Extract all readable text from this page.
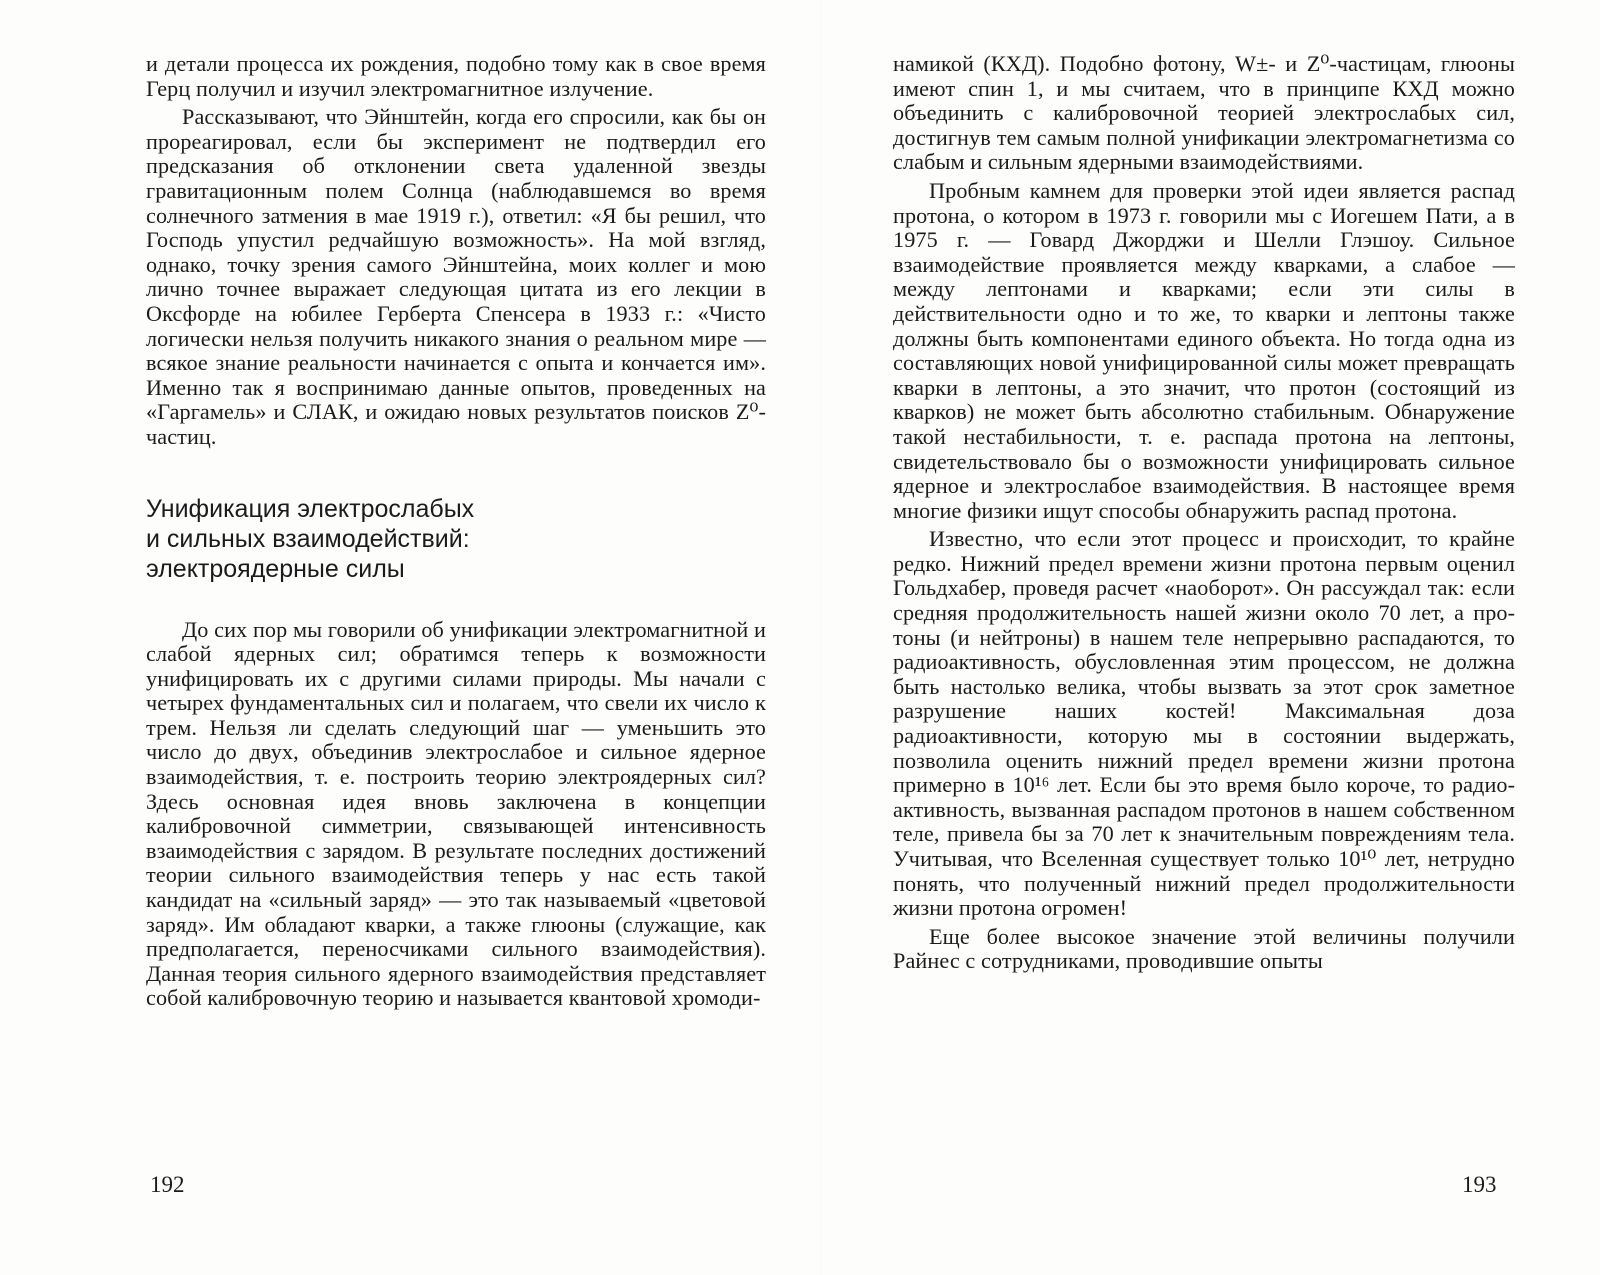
и детали процесса их рождения, подобно тому как в свое время Герц получил и изучил электромагнитное излучение.

Рассказывают, что Эйнштейн, когда его спросили, как бы он прореагировал, если бы эксперимент не подтвердил его предсказания об отклонении света удаленной звезды гравитационным полем Солнца (наблюдавшемся во время солнечного затмения в мае 1919 г.), ответил: «Я бы решил, что Господь упустил редчайшую возможность». На мой взгляд, однако, точку зрения самого Эйнштейна, моих коллег и мою лично точнее выражает следующая цитата из его лекции в Оксфорде на юбилее Герберта Спенсера в 1933 г.: «Чисто логически нельзя получить никакого знания о реальном мире — всякое знание реальности начинается с опыта и кончается им». Именно так я воспринимаю данные опытов, проведенных на «Гаргамель» и СЛАК, и ожидаю новых результатов поисков Z⁰-частиц.

Унификация электрослабых
и сильных взаимодействий:
электроядерные силы

До сих пор мы говорили об унификации электромагнитной и слабой ядерных сил; обратимся теперь к возможности унифицировать их с другими силами природы. Мы начали с четырех фундаментальных сил и полагаем, что свели их число к трем. Нельзя ли сделать следующий шаг — уменьшить это число до двух, объединив электрослабое и сильное ядерное взаимодействия, т. е. построить теорию электроядерных сил? Здесь основная идея вновь заключена в концепции калибровочной симметрии, связывающей интенсивность взаимодействия с зарядом. В результате последних достижений теории сильного взаимодействия теперь у нас есть такой кандидат на «сильный заряд» — это так называемый «цветовой заряд». Им обладают кварки, а также глюоны (служащие, как предполагается, переносчиками сильного взаимодействия). Данная теория сильного ядерного взаимодействия представляет собой калибровочную теорию и называется квантовой хромоди-

192

намикой (КХД). Подобно фотону, W±- и Z⁰-частицам, глюоны имеют спин 1, и мы считаем, что в принципе КХД можно объединить с калибровочной теорией электрослабых сил, достигнув тем самым полной унификации электромагнетизма со слабым и сильным ядерными взаимодействиями.

Пробным камнем для проверки этой идеи является распад протона, о котором в 1973 г. говорили мы с Иогешем Пати, а в 1975 г. — Говард Джорджи и Шелли Глэшоу. Сильное взаимодействие проявляется между кварками, а слабое — между лептонами и кварками; если эти силы в действительности одно и то же, то кварки и лептоны также должны быть компонентами единого объекта. Но тогда одна из составляющих новой унифицированной силы может превращать кварки в лептоны, а это значит, что протон (состоящий из кварков) не может быть абсолютно стабильным. Обнаружение такой нестабильности, т. е. распада протона на лептоны, свидетельствовало бы о возможности унифицировать сильное ядерное и электрослабое взаимодействия. В настоящее время многие физики ищут способы обнаружить распад протона.

Известно, что если этот процесс и происходит, то крайне редко. Нижний предел времени жизни протона первым оценил Гольдхабер, проведя расчет «наоборот». Он рассуждал так: если средняя продолжительность нашей жизни около 70 лет, а протоны (и нейтроны) в нашем теле непрерывно распадаются, то радиоактивность, обусловленная этим процессом, не должна быть настолько велика, чтобы вызвать за этот срок заметное разрушение наших костей! Максимальная доза радиоактивности, которую мы в состоянии выдержать, позволила оценить нижний предел времени жизни протона примерно в 10¹⁶ лет. Если бы это время было короче, то радиоактивность, вызванная распадом протонов в нашем собственном теле, привела бы за 70 лет к значительным повреждениям тела. Учитывая, что Вселенная существует только 10¹⁰ лет, нетрудно понять, что полученный нижний предел продолжительности жизни протона огромен!

Еще более высокое значение этой величины получили Райнес с сотрудниками, проводившие опыты

193
